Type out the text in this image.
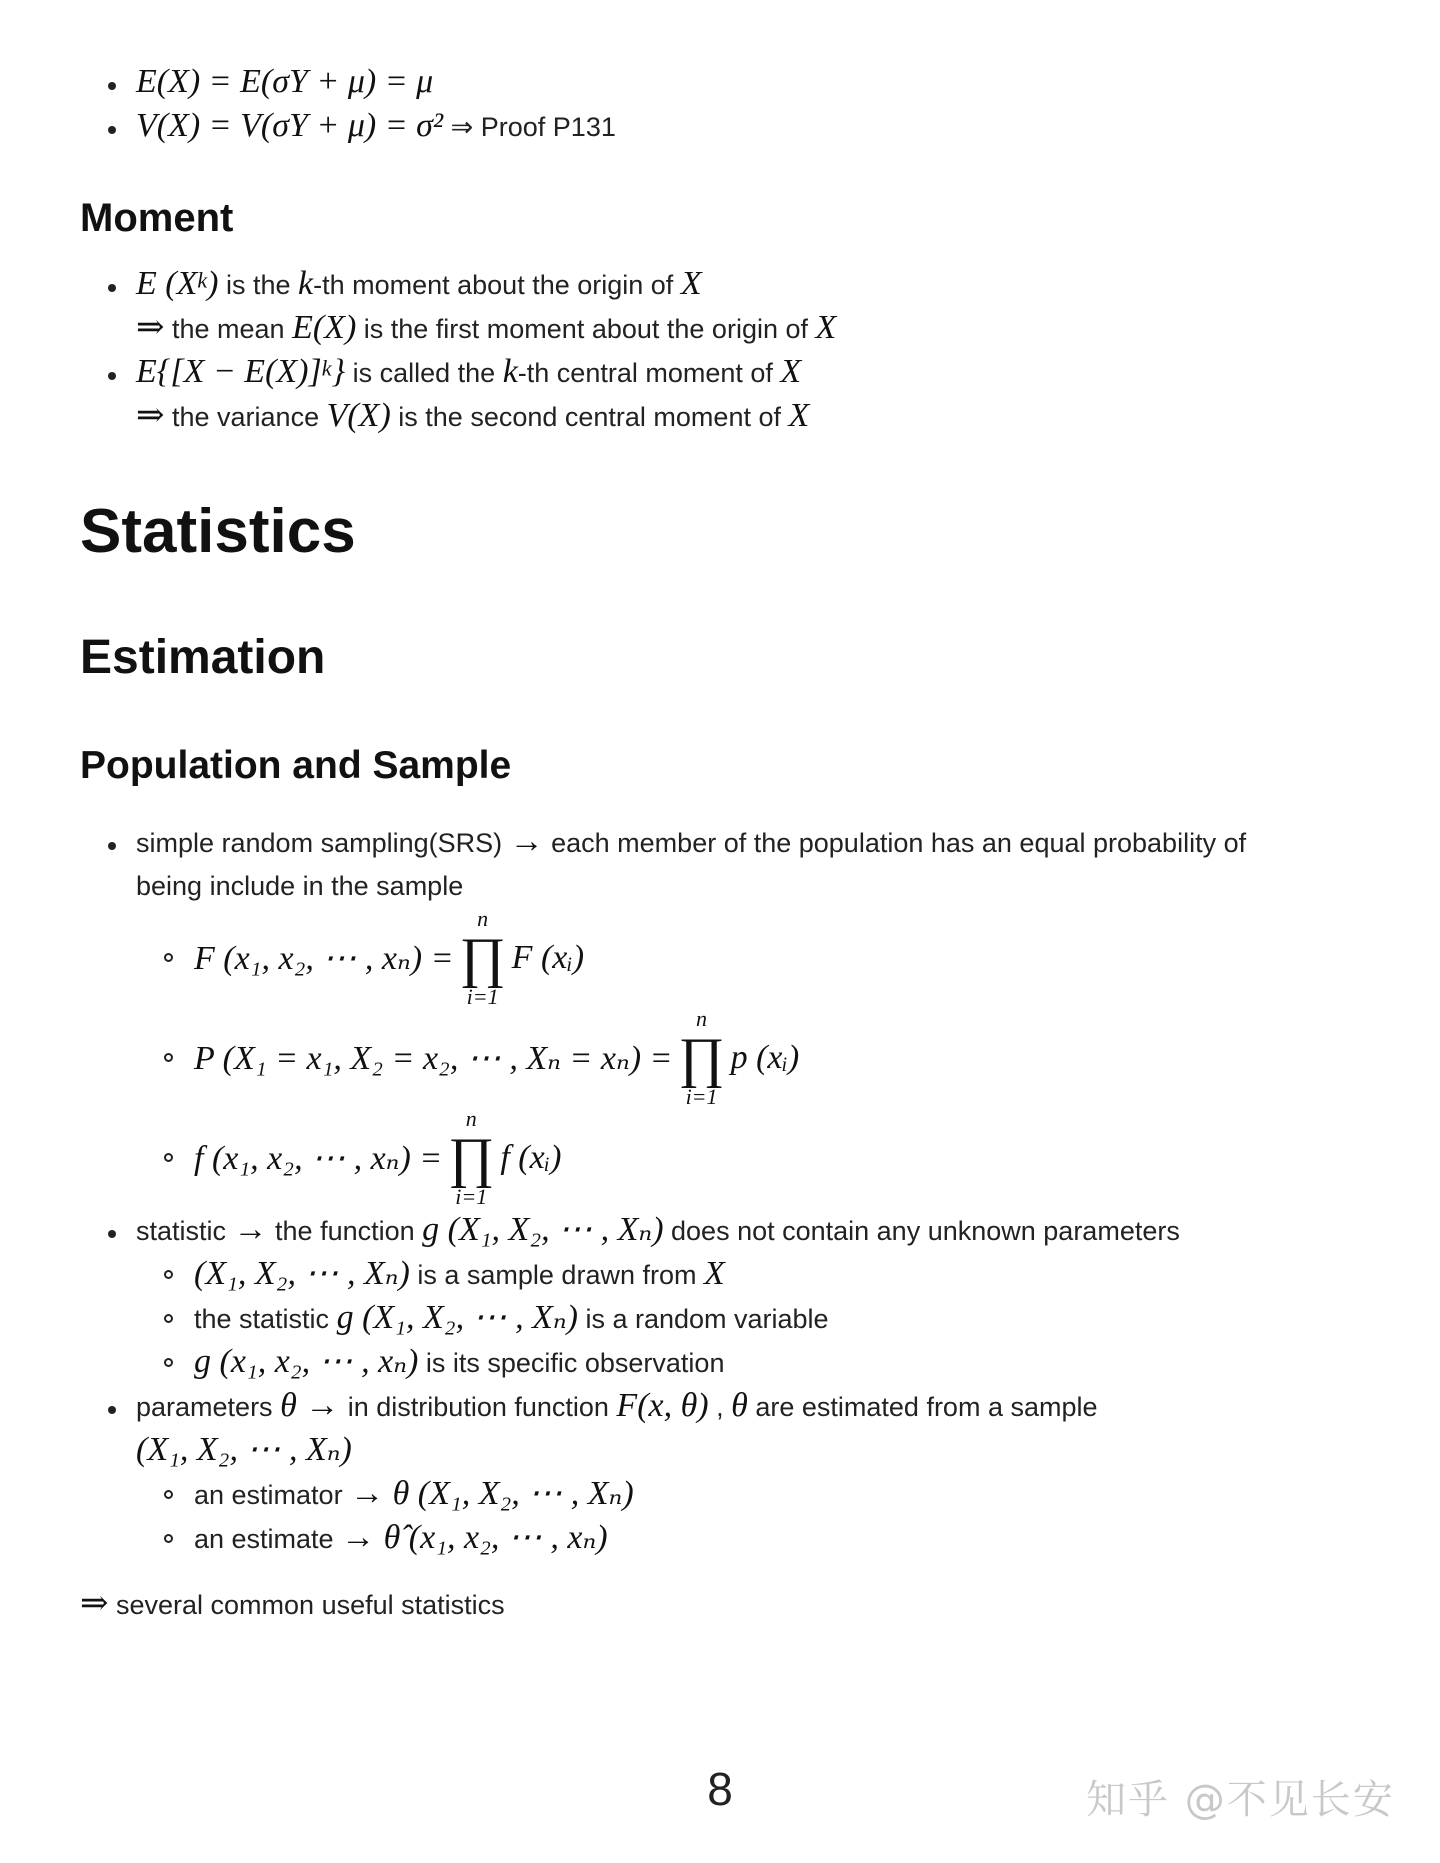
E(X) = E(σY + μ) = μ
V(X) = V(σY + μ) = σ² ⇒ Proof P131
Moment
E $(X^k)$ is the k-th moment about the origin of X
⇒ the mean E(X) is the first moment about the origin of X
$E\{[X - E(X)]^k\}$ is called the k-th central moment of X
⇒ the variance V(X) is the second central moment of X
Statistics
Estimation
Population and Sample
simple random sampling(SRS) → each member of the population has an equal probability of
being include in the sample
F (x₁, x₂, ⋯ , xₙ) =
n
∏
i=1
F (xᵢ)
P (X₁ = x₁, X₂ = x₂, ⋯ , Xₙ = xₙ) =
n
∏
i=1
p (xᵢ)
f (x₁, x₂, ⋯ , xₙ) =
n
∏
i=1
f (xᵢ)
statistic → the function g (X₁, X₂, ⋯ , Xₙ) does not contain any unknown parameters
(X₁, X₂, ⋯ , Xₙ) is a sample drawn from X
the statistic g (X₁, X₂, ⋯ , Xₙ) is a random variable
g (x₁, x₂, ⋯ , xₙ) is its specific observation
parameters θ → in distribution function F(x, θ) , θ are estimated from a sample
(X₁, X₂, ⋯ , Xₙ)
an estimator → θ (X₁, X₂, ⋯ , Xₙ)
an estimate → θ̂ (x₁, x₂, ⋯ , xₙ)
⇒ several common useful statistics
8	知乎 @不见长安
